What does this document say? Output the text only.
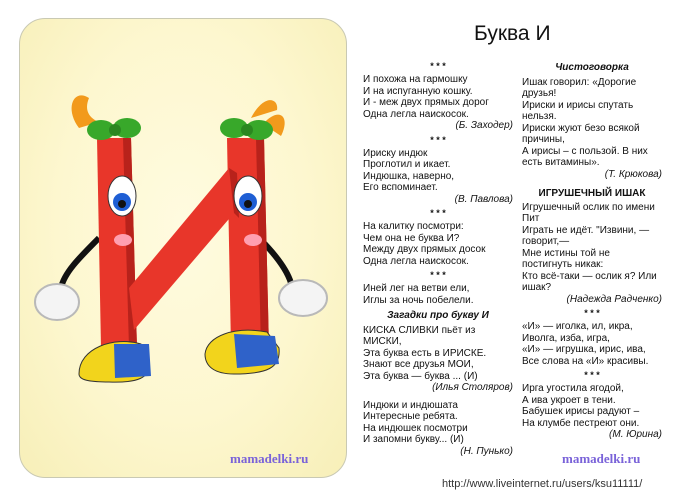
mamadelki.ru	mamadelki.ru
Буква И
* * *

И похожа на гармошку

И на испуганную кошку.

И - меж двух прямых дорог

Одна легла наискосок.

(Б. Заходер)

* * *

Ириску индюк

Проглотил и икает.

Индюшка, наверно,

Его вспоминает.

(В. Павлова)

* * *

На калитку посмотри:

Чем она не буква И?

Между двух прямых досок

Одна легла наискосок.

* * *

Иней лег на ветви ели,

Иглы за ночь побелели.

Загадки про букву И

КИСКА СЛИВКИ пьёт из

МИСКИ,

Эта буква есть в ИРИСКЕ.

Знают все друзья МОИ,

Эта буква — буква ... (И)

(Илья Столяров)

Индюки и индюшата

Интересные ребята.

На индюшек посмотри

И запомни букву... (И)

(Н. Пунько)

Чистоговорка

Ишак говорил: «Дорогие

друзья!

Ириски и ирисы спутать

нельзя.

Ириски жуют безо всякой

причины,

А ирисы – с пользой. В них

есть витамины».

(Т. Крюкова)

ИГРУШЕЧНЫЙ ИШАК

Игрушечный ослик по имени

Пит

Играть не идёт. "Извини, —

говорит,—

Мне истины той не

постигнуть никак:

Кто всё-таки — ослик я? Или

ишак?

(Надежда Радченко)

* * *

«И» — иголка, ил, икра,

Иволга, изба, игра,

«И» — игрушка, ирис, ива,

Все слова на «И» красивы.

* * *

Ирга угостила ягодой,

А ива укроет в тени.

Бабушек ирисы радуют –

На клумбе пестреют они.

(М. Юрина)

http://www.liveinternet.ru/users/ksu11111/
